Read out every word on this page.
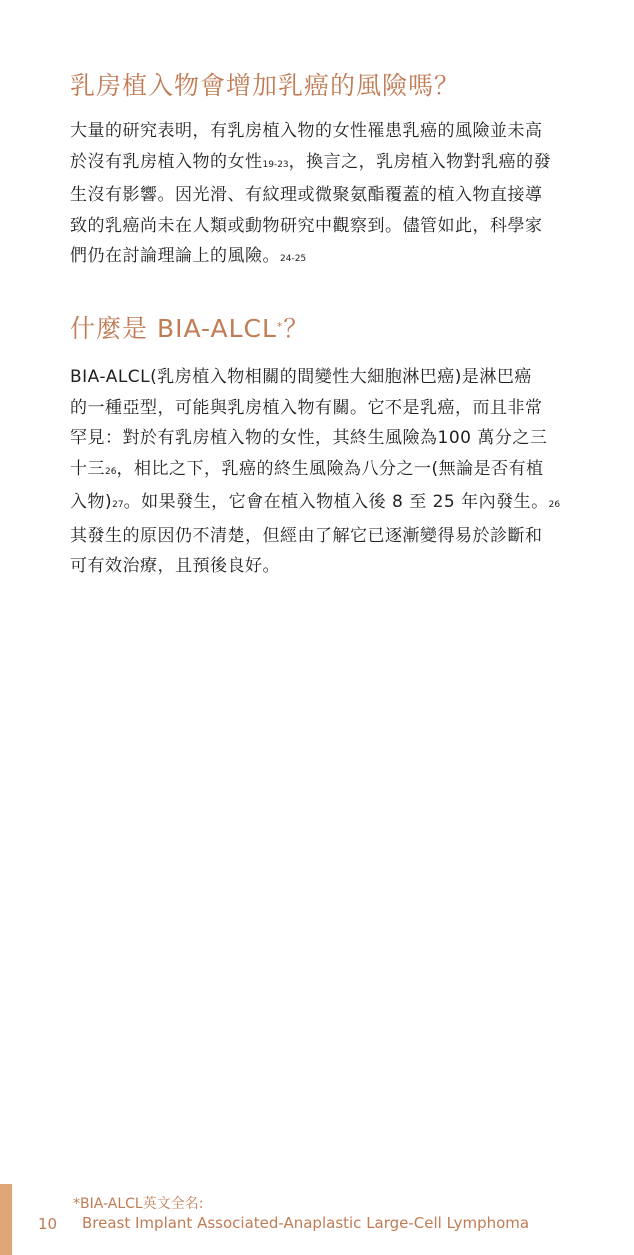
乳房植入物會增加乳癌的風險嗎？
大量的研究表明，有乳房植入物的女性罹患乳癌的風險並未高
於沒有乳房植入物的女性19-23，換言之，乳房植入物對乳癌的發
生沒有影響。因光滑、有紋理或微聚氨酯覆蓋的植入物直接導
致的乳癌尚未在人類或動物研究中觀察到。儘管如此，科學家
們仍在討論理論上的風險。24-25
什麼是 BIA-ALCL*？
BIA-ALCL(乳房植入物相關的間變性大細胞淋巴癌)是淋巴癌
的一種亞型，可能與乳房植入物有關。它不是乳癌，而且非常
罕見：對於有乳房植入物的女性，其終生風險為100 萬分之三
十三26，相比之下，乳癌的終生風險為八分之一(無論是否有植
入物)27。如果發生，它會在植入物植入後 8 至 25 年內發生。26
其發生的原因仍不清楚，但經由了解它已逐漸變得易於診斷和
可有效治療，且預後良好。
10
*BIA-ALCL英文全名:
Breast Implant Associated-Anaplastic Large-Cell Lymphoma
